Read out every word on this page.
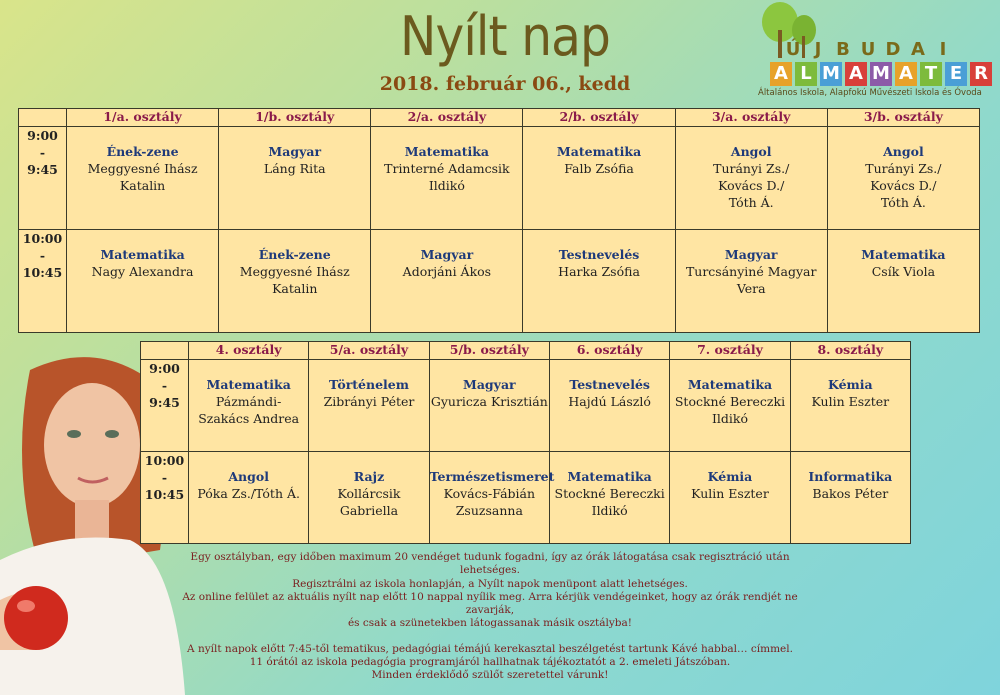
Nyílt nap
2018. február 06., kedd
Ú J B U D A I
A L M A M A T E R
Általános Iskola, Alapfokú Művészeti Iskola és Óvoda
	1/a. osztály	1/b. osztály	2/a. osztály	2/b. osztály	3/a. osztály	3/b. osztály

9:00
-
9:45	Ének-zene
Meggyesné Ihász
Katalin	Magyar
Láng Rita	Matematika
Trinterné Adamcsik
Ildikó	Matematika
Falb Zsófia	Angol
Turányi Zs./
Kovács D./
Tóth Á.	Angol
Turányi Zs./
Kovács D./
Tóth Á.

10:00
-
10:45	Matematika
Nagy Alexandra	Ének-zene
Meggyesné Ihász
Katalin	Magyar
Adorjáni Ákos	Testnevelés
Harka Zsófia	Magyar
Turcsányiné Magyar
Vera	Matematika
Csík Viola
	4. osztály	5/a. osztály	5/b. osztály	6. osztály	7. osztály	8. osztály

9:00
-
9:45	Matematika
Pázmándi-
Szakács Andrea	Történelem
Zibrányi Péter	Magyar
Gyuricza Krisztián	Testnevelés
Hajdú László	Matematika
Stockné Bereczki
Ildikó	Kémia
Kulin Eszter

10:00
-
10:45	Angol
Póka Zs./Tóth Á.	Rajz
Kollárcsik
Gabriella	Természetismeret
Kovács-Fábián
Zsuzsanna	Matematika
Stockné Bereczki
Ildikó	Kémia
Kulin Eszter	Informatika
Bakos Péter

Egy osztályban, egy időben maximum 20 vendéget tudunk fogadni, így az órák látogatása csak regisztráció után lehetséges.

Regisztrálni az iskola honlapján, a Nyílt napok menüpont alatt lehetséges.

Az online felület az aktuális nyílt nap előtt 10 nappal nyílik meg. Arra kérjük vendégeinket, hogy az órák rendjét ne zavarják,

és csak a szünetekben látogassanak másik osztályba!

A nyílt napok előtt 7:45-től tematikus, pedagógiai témájú kerekasztal beszélgetést tartunk Kávé habbal… címmel.

11 órától az iskola pedagógia programjáról hallhatnak tájékoztatót a 2. emeleti Játszóban.

Minden érdeklődő szülőt szeretettel várunk!
